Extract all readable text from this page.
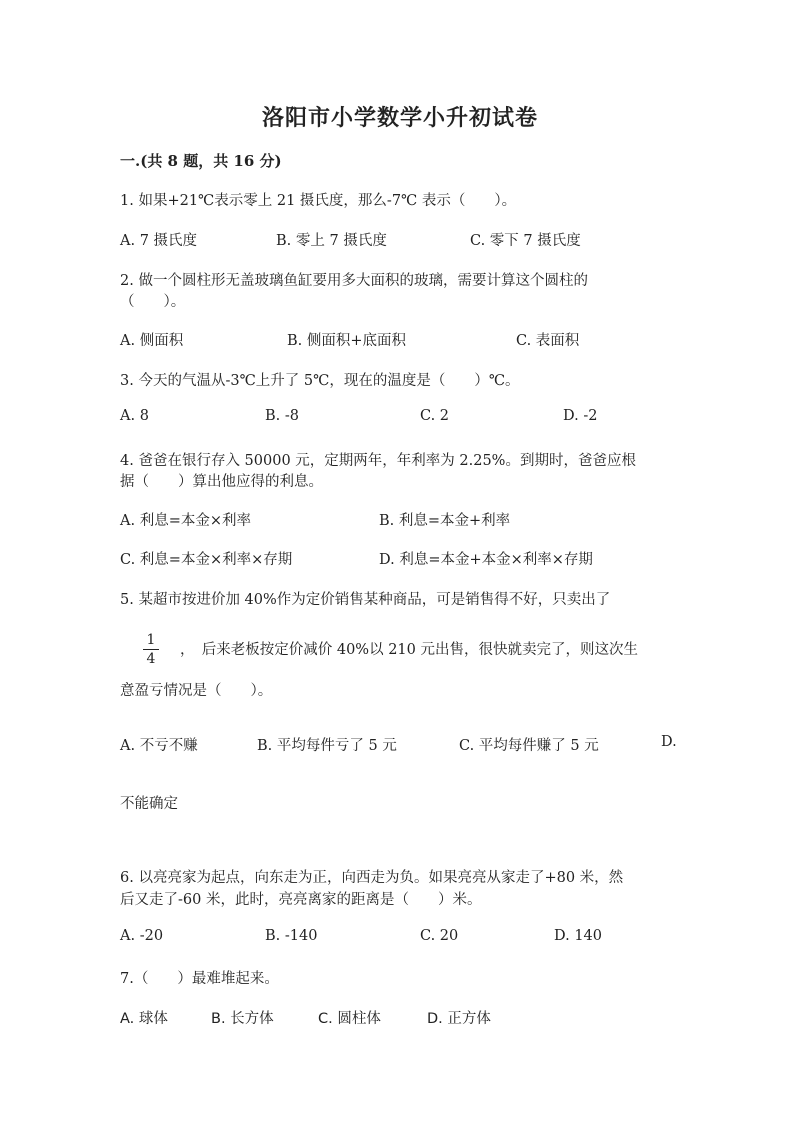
洛阳市小学数学小升初试卷
一.(共 8 题，共 16 分)
1. 如果+21℃表示零上 21 摄氏度，那么-7℃ 表示（　　）。
A. 7 摄氏度	B. 零上 7 摄氏度	C. 零下 7 摄氏度
2. 做一个圆柱形无盖玻璃鱼缸要用多大面积的玻璃，需要计算这个圆柱的
（　　）。
A. 侧面积	B. 侧面积+底面积	C. 表面积
3. 今天的气温从-3℃上升了 5℃，现在的温度是（　　）℃。
A. 8	B. -8	C. 2	D. -2
4. 爸爸在银行存入 50000 元，定期两年，年利率为 2.25%。到期时，爸爸应根
据（　　）算出他应得的利息。
A. 利息=本金×利率	B. 利息=本金+利率
C. 利息=本金×利率×存期	D. 利息=本金+本金×利率×存期
5. 某超市按进价加 40%作为定价销售某种商品，可是销售得不好，只卖出了
1
4
，　后来老板按定价减价 40%以 210 元出售，很快就卖完了，则这次生
意盈亏情况是（　　）。
A. 不亏不赚	B. 平均每件亏了 5 元	C. 平均每件赚了 5 元	D.
不能确定
6. 以亮亮家为起点，向东走为正，向西走为负。如果亮亮从家走了+80 米，然
后又走了-60 米，此时，亮亮离家的距离是（　　）米。
A. -20	B. -140	C. 20	D. 140
7.（　　）最难堆起来。
A. 球体	B. 长方体	C. 圆柱体	D. 正方体
